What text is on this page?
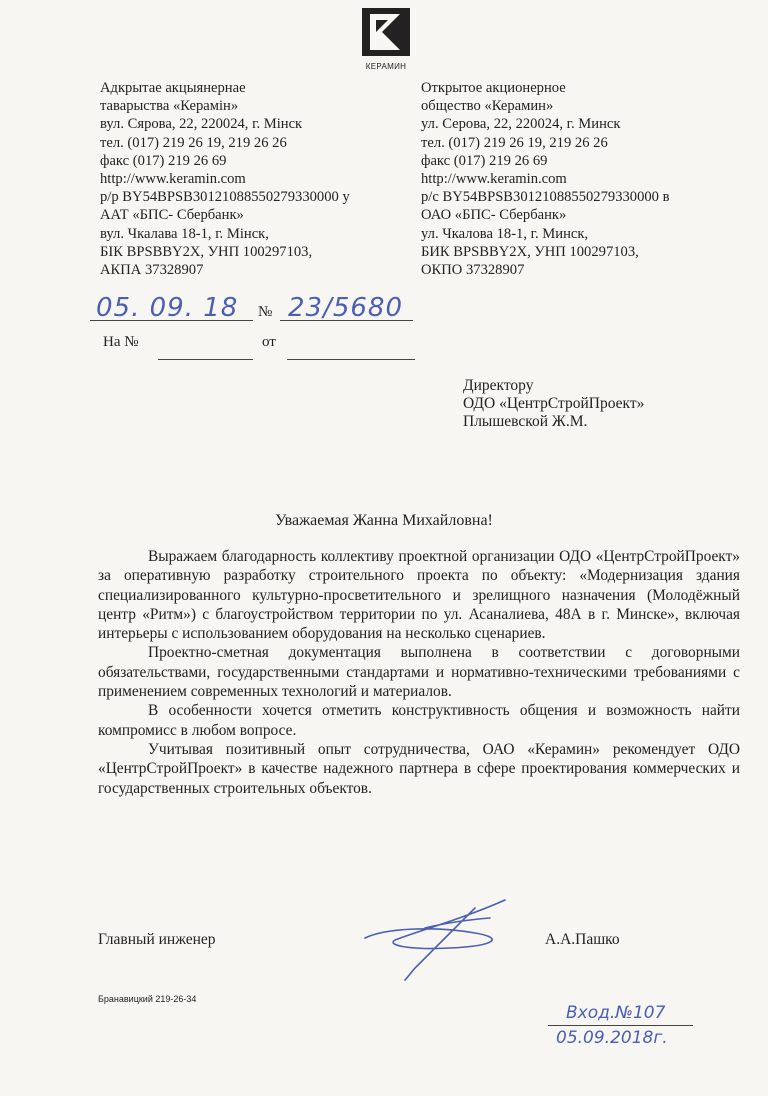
КЕРАМИН
Адкрытае акцыянернае
таварыства «Керамін»
вул. Сярова, 22, 220024, г. Мінск
тел. (017) 219 26 19, 219 26 26
факс (017) 219 26 69
http://www.keramin.com
р/р BY54BPSB30121088550279330000 у
ААТ «БПС- Сбербанк»
вул. Чкалава 18-1, г. Мінск,
БІК BPSBBY2X, УНП 100297103,
АКПА 37328907
Открытое акционерное
общество «Керамин»
ул. Серова, 22, 220024, г. Минск
тел. (017) 219 26 19, 219 26 26
факс (017) 219 26 69
http://www.keramin.com
р/с BY54BPSB30121088550279330000 в
ОАО «БПС- Сбербанк»
ул. Чкалова 18-1, г. Минск,
БИК BPSBBY2X, УНП 100297103,
ОКПО 37328907
05. 09. 18 № 23/5680
На №	от
Директору
ОДО «ЦентрСтройПроект»
Плышевской Ж.М.
Уважаемая Жанна Михайловна!

Выражаем благодарность коллективу проектной организации ОДО «ЦентрСтройПроект» за оперативную разработку строительного проекта по объекту: «Модернизация здания специализированного культурно-просветительного и зрелищного назначения (Молодёжный центр «Ритм») с благоустройством территории по ул. Асаналиева, 48А в г. Минске», включая интерьеры с использованием оборудования на несколько сценариев.

Проектно-сметная документация выполнена в соответствии с договорными обязательствами, государственными стандартами и нормативно-техническими требованиями с применением современных технологий и материалов.

В особенности хочется отметить конструктивность общения и возможность найти компромисс в любом вопросе.

Учитывая позитивный опыт сотрудничества, ОАО «Керамин» рекомендует ОДО «ЦентрСтройПроект» в качестве надежного партнера в сфере проектирования коммерческих и государственных строительных объектов.

Главный инженер	А.А.Пашко
Бранавицкий 219-26-34
Вход.№107
05.09.2018г.
